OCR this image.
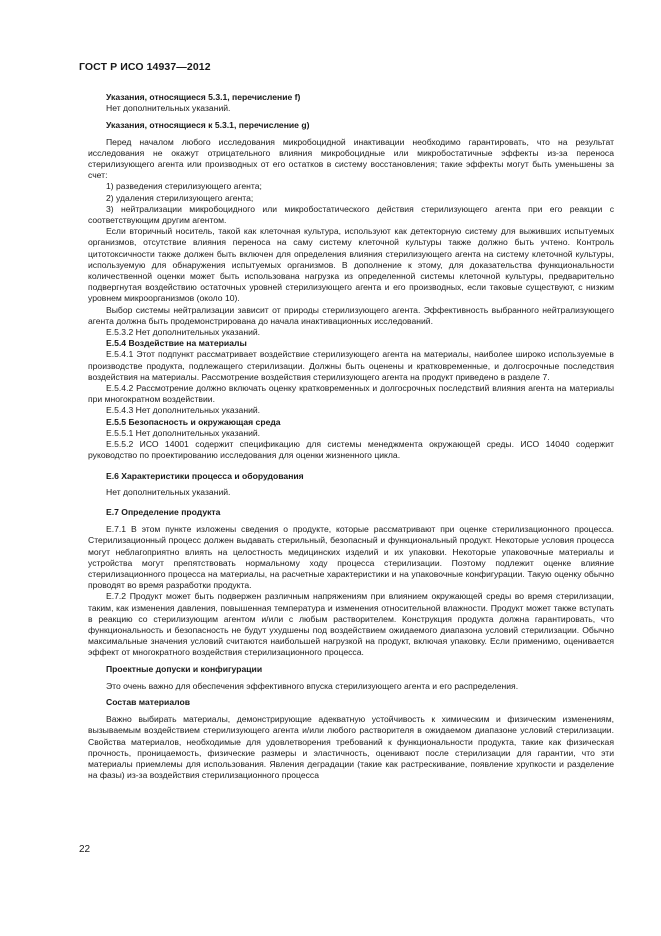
ГОСТ Р ИСО 14937—2012
Указания, относящиеся 5.3.1, перечисление f)
Нет дополнительных указаний.
Указания, относящиеся к 5.3.1, перечисление g)
Перед началом любого исследования микробоцидной инактивации необходимо гарантировать, что на результат исследования не окажут отрицательного влияния микробоцидные или микробостатичные эффекты из-за переноса стерилизующего агента или производных от его остатков в систему восстановления; такие эффекты могут быть уменьшены за счет:
1) разведения стерилизующего агента;
2) удаления стерилизующего агента;
3) нейтрализации микробоцидного или микробостатического действия стерилизующего агента при его реакции с соответствующим другим агентом.
Если вторичный носитель, такой как клеточная культура, используют как детекторную систему для выживших испытуемых организмов, отсутствие влияния переноса на саму систему клеточной культуры также должно быть учтено. Контроль цитотоксичности также должен быть включен для определения влияния стерилизующего агента на систему клеточной культуры, используемую для обнаружения испытуемых организмов. В дополнение к этому, для доказательства функциональности количественной оценки может быть использована нагрузка из определенной системы клеточной культуры, предварительно подвергнутая воздействию остаточных уровней стерилизующего агента и его производных, если таковые существуют, с низким уровнем микроорганизмов (около 10).
Выбор системы нейтрализации зависит от природы стерилизующего агента. Эффективность выбранного нейтрализующего агента должна быть продемонстрирована до начала инактивационных исследований.
Е.5.3.2 Нет дополнительных указаний.
Е.5.4 Воздействие на материалы
Е.5.4.1 Этот подпункт рассматривает воздействие стерилизующего агента на материалы, наиболее широко используемые в производстве продукта, подлежащего стерилизации. Должны быть оценены и кратковременные, и долгосрочные последствия воздействия на материалы. Рассмотрение воздействия стерилизующего агента на продукт приведено в разделе 7.
Е.5.4.2 Рассмотрение должно включать оценку кратковременных и долгосрочных последствий влияния агента на материалы при многократном воздействии.
Е.5.4.3 Нет дополнительных указаний.
Е.5.5 Безопасность и окружающая среда
Е.5.5.1 Нет дополнительных указаний.
Е.5.5.2 ИСО 14001 содержит спецификацию для системы менеджмента окружающей среды. ИСО 14040 содержит руководство по проектированию исследования для оценки жизненного цикла.
Е.6 Характеристики процесса и оборудования
Нет дополнительных указаний.
Е.7 Определение продукта
Е.7.1 В этом пункте изложены сведения о продукте, которые рассматривают при оценке стерилизационного процесса. Стерилизационный процесс должен выдавать стерильный, безопасный и функциональный продукт. Некоторые условия процесса могут неблагоприятно влиять на целостность медицинских изделий и их упаковки. Некоторые упаковочные материалы и устройства могут препятствовать нормальному ходу процесса стерилизации. Поэтому подлежит оценке влияние стерилизационного процесса на материалы, на расчетные характеристики и на упаковочные конфигурации. Такую оценку обычно проводят во время разработки продукта.
Е.7.2 Продукт может быть подвержен различным напряжениям при влиянием окружающей среды во время стерилизации, таким, как изменения давления, повышенная температура и изменения относительной влажности. Продукт может также вступать в реакцию со стерилизующим агентом и/или с любым растворителем. Конструкция продукта должна гарантировать, что функциональность и безопасность не будут ухудшены под воздействием ожидаемого диапазона условий стерилизации. Обычно максимальные значения условий считаются наибольшей нагрузкой на продукт, включая упаковку. Если применимо, оценивается эффект от многократного воздействия стерилизационного процесса.
Проектные допуски и конфигурации
Это очень важно для обеспечения эффективного впуска стерилизующего агента и его распределения.
Состав материалов
Важно выбирать материалы, демонстрирующие адекватную устойчивость к химическим и физическим изменениям, вызываемым воздействием стерилизующего агента и/или любого растворителя в ожидаемом диапазоне условий стерилизации. Свойства материалов, необходимые для удовлетворения требований к функциональности продукта, такие как физическая прочность, проницаемость, физические размеры и эластичность, оценивают после стерилизации для гарантии, что эти материалы приемлемы для использования. Явления деградации (такие как растрескивание, появление хрупкости и разделение на фазы) из-за воздействия стерилизационного процесса
22
